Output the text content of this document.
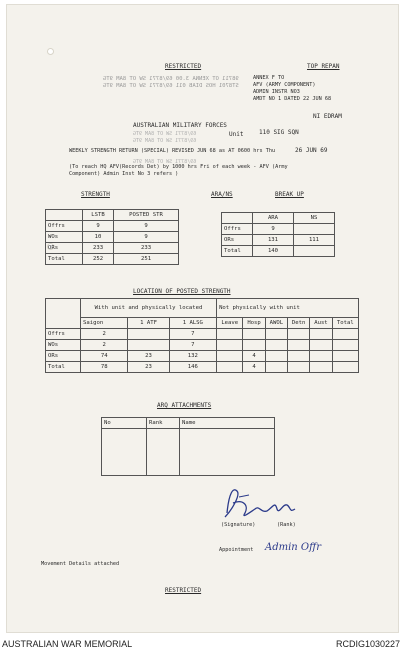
RESTRICTED	TOP REPAN
98711 OT XENNA 3.00 69/8771 SW OT 8AM 9TG
ST8701 HOS DIAB 011 69/8771 SW OT 8AM 9TG
ANNEX F TO
AFV (ARMY COMPONENT)
ADMIN INSTR NO3
AMDT NO 1 DATED 22 JUN 68
NI EDRAM
AUSTRALIAN MILITARY FORCES
69/8771 SW OT 8AM 9TG
69/8771 SW OT 8AM 9TG
69/8771 SW OT 8AM 9TG
Unit	110 SIG SQN
WEEKLY STRENGTH RETURN (SPECIAL) REVISED JUN 68 as AT 0600 hrs Thu	26 JUN 69
(To reach HQ AFV(Records Det) by 1000 hrs Fri of each week - AFV (Army
Component) Admin Inst No 3 refers )
STRENGTH
	LSTB	POSTED STR
Offrs	9	9
WOs	10	9
ORs	233	233
Total	252	251
ARA/NS	BREAK UP
	ARA	NS
Offrs	9	
ORs	131	111
Total	140	
LOCATION OF POSTED STRENGTH
	With unit and physically located			Not physically with unit					
	Saigon	1 ATF	1 ALSG	Leave	Hosp	AWOL	Detn	Aust	Total
Offrs	2		7						
WOs	2		7						
ORs	74	23	132		4				
Total	78	23	146		4				
ARQ ATTACHMENTS
No	Rank	Name

(Signature)	(Rank)
Appointment Admin Offr
Movement Details attached
RESTRICTED
AUSTRALIAN WAR MEMORIAL	RCDIG1030227
